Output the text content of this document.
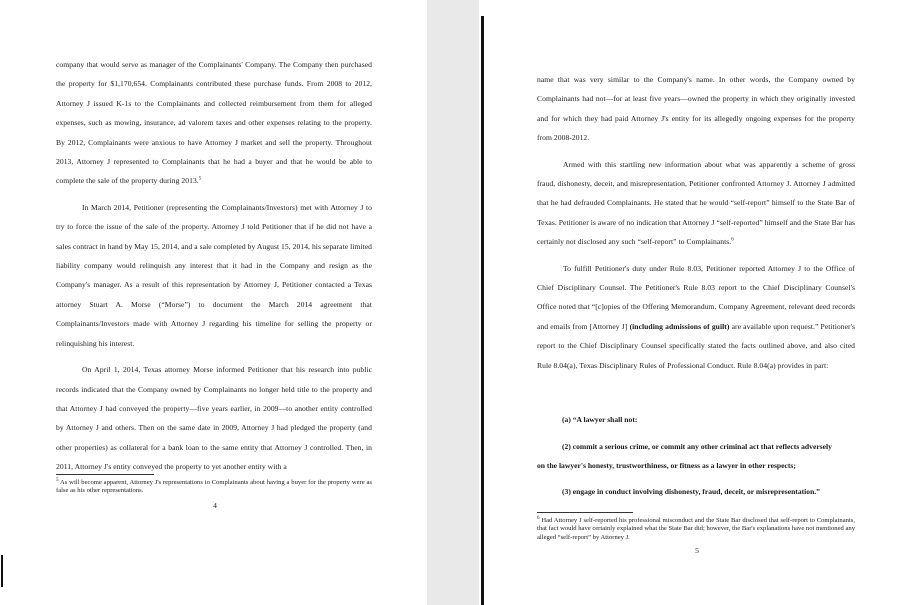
company that would serve as manager of the Complainants' Company. The Company then purchased the property for $1,170,654. Complainants contributed these purchase funds. From 2008 to 2012, Attorney J issued K-1s to the Complainants and collected reimbursement from them for alleged expenses, such as mowing, insurance, ad valorem taxes and other expenses relating to the property. By 2012, Complainants were anxious to have Attorney J market and sell the property. Throughout 2013, Attorney J represented to Complainants that he had a buyer and that he would be able to complete the sale of the property during 2013.$^5$

In March 2014, Petitioner (representing the Complainants/Investors) met with Attorney J to try to force the issue of the sale of the property. Attorney J told Petitioner that if he did not have a sales contract in hand by May 15, 2014, and a sale completed by August 15, 2014, his separate limited liability company would relinquish any interest that it had in the Company and resign as the Company's manager. As a result of this representation by Attorney J, Petitioner contacted a Texas attorney Stuart A. Morse (“Morse”) to document the March 2014 agreement that Complainants/Investors made with Attorney J regarding his timeline for selling the property or relinquishing his interest.

On April 1, 2014, Texas attorney Morse informed Petitioner that his research into public records indicated that the Company owned by Complainants no longer held title to the property and that Attorney J had conveyed the property—five years earlier, in 2009—to another entity controlled by Attorney J and others. Then on the same date in 2009, Attorney J had pledged the property (and other properties) as collateral for a bank loan to the same entity that Attorney J controlled. Then, in 2011, Attorney J's entity conveyed the property to yet another entity with a

$^5$ As will become apparent, Attorney J's representations to Complainants about having a buyer for the property were as false as his other representations.

4

name that was very similar to the Company's name. In other words, the Company owned by Complainants had not—for at least five years—owned the property in which they originally invested and for which they had paid Attorney J's entity for its allegedly ongoing expenses for the property from 2008-2012.

Armed with this startling new information about what was apparently a scheme of gross fraud, dishonesty, deceit, and misrepresentation, Petitioner confronted Attorney J. Attorney J admitted that he had defrauded Complainants. He stated that he would “self-report” himself to the State Bar of Texas. Petitioner is aware of no indication that Attorney J “self-reported” himself and the State Bar has certainly not disclosed any such “self-report” to Complainants.$^6$

To fulfill Petitioner's duty under Rule 8.03, Petitioner reported Attorney J to the Office of Chief Disciplinary Counsel. The Petitioner's Rule 8.03 report to the Chief Disciplinary Counsel's Office noted that “[c]opies of the Offering Memorandum, Company Agreement, relevant deed records and emails from [Attorney J] (including admissions of guilt) are available upon request.” Petitioner's report to the Chief Disciplinary Counsel specifically stated the facts outlined above, and also cited Rule 8.04(a), Texas Disciplinary Rules of Professional Conduct. Rule 8.04(a) provides in part:

(a) “A lawyer shall not:

(2) commit a serious crime, or commit any other criminal act that reflects adversely

on the lawyer's honesty, trustworthiness, or fitness as a lawyer in other respects;

(3) engage in conduct involving dishonesty, fraud, deceit, or misrepresentation.”

$^6$ Had Attorney J self-reported his professional misconduct and the State Bar disclosed that self-report to Complainants, that fact would have certainly explained what the State Bar did; however, the Bar's explanations have not mentioned any alleged “self-report” by Attorney J.

5
